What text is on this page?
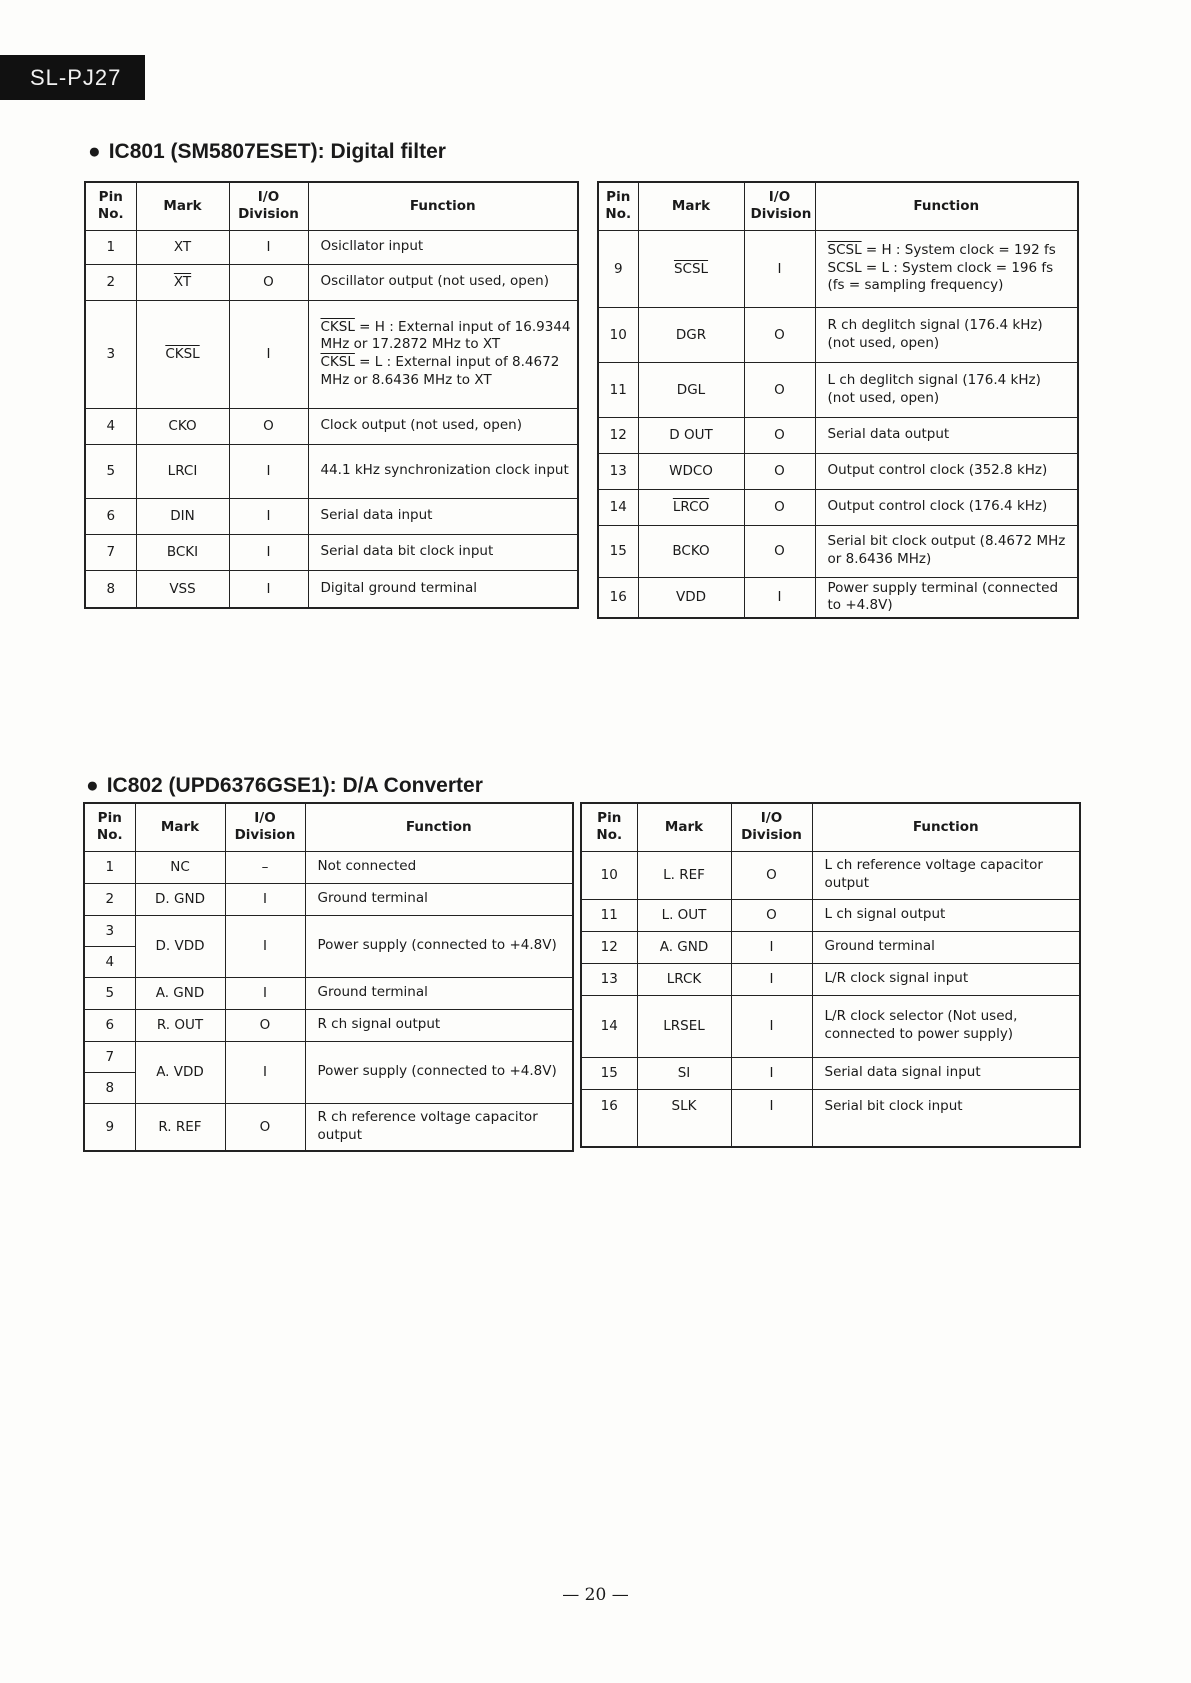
SL-PJ27
● IC801 (SM5807ESET): Digital filter
Pin No.	Mark	I/O Division	Function
1	XT	I	Osicllator input
2	$\overline{XT}$	O	Oscillator output (not used, open)
3	CKSL	I	CKSL = H : External input of 16.9344 MHz or 17.2872 MHz to XT
CKSL = L : External input of 8.4672 MHz or 8.6436 MHz to XT

4	CKO	O	Clock output (not used, open)
5	LRCI	I	44.1 kHz synchronization clock input
6	DIN	I	Serial data input
7	BCKI	I	Serial data bit clock input
8	VSS	I	Digital ground terminal
Pin No.	Mark	I/O Division	Function
9	SCSL	I	SCSL = H : System clock = 192 fs
SCSL = L : System clock = 196 fs
(fs = sampling frequency)

10	DGR	O	R ch deglitch signal (176.4 kHz) (not used, open)
11	DGL	O	L ch deglitch signal (176.4 kHz) (not used, open)
12	D OUT	O	Serial data output
13	WDCO	O	Output control clock (352.8 kHz)
14	LRCO	O	Output control clock (176.4 kHz)
15	BCKO	O	Serial bit clock output (8.4672 MHz or 8.6436 MHz)
16	VDD	I	Power supply terminal (connected to +4.8V)
● IC802 (UPD6376GSE1): D/A Converter
Pin No.	Mark	I/O Division	Function
1	NC	–	Not connected
2	D. GND	I	Ground terminal
3	D. VDD	I	Power supply (connected to +4.8V)
4			
5	A. GND	I	Ground terminal
6	R. OUT	O	R ch signal output
7	A. VDD	I	Power supply (connected to +4.8V)
8			
9	R. REF	O	R ch reference voltage capacitor output
Pin No.	Mark	I/O Division	Function
10	L. REF	O	L ch reference voltage capacitor output
11	L. OUT	O	L ch signal output
12	A. GND	I	Ground terminal
13	LRCK	I	L/R clock signal input
14	LRSEL	I	L/R clock selector (Not used, connected to power supply)
15	SI	I	Serial data signal input
16	SLK	I	Serial bit clock input
— 20 —
